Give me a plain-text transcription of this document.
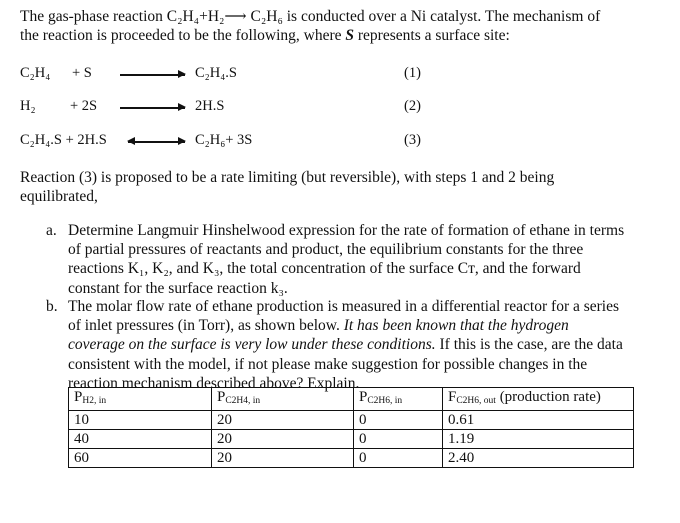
The gas-phase reaction C₂H₄+H₂⟶ C₂H₆ is conducted over a Ni catalyst. The mechanism of
the reaction is proceeded to be the following, where S represents a surface site:
C₂H₄ + S	C₂H₄.S	(1)
H₂ + 2S	2H.S	(2)
C₂H₄.S + 2H.S	C₂H₆+ 3S	(3)
Reaction (3) is proposed to be a rate limiting (but reversible), with steps 1 and 2 being
equilibrated,
a. Determine Langmuir Hinshelwood expression for the rate of formation of ethane in terms
of partial pressures of reactants and product, the equilibrium constants for the three
reactions K₁, K₂, and K₃, the total concentration of the surface Cᴛ, and the forward
constant for the surface reaction k₃.
b. The molar flow rate of ethane production is measured in a differential reactor for a series
of inlet pressures (in Torr), as shown below. It has been known that the hydrogen
coverage on the surface is very low under these conditions. If this is the case, are the data
consistent with the model, if not please make suggestion for possible changes in the
reaction mechanism described above? Explain.
$P_{H2, in}$	$P_{C2H4, in}$	$P_{C2H6, in}$	$F_{C2H6, out}$ (production rate)
10	20	0	0.61
40	20	0	1.19
60	20	0	2.40
